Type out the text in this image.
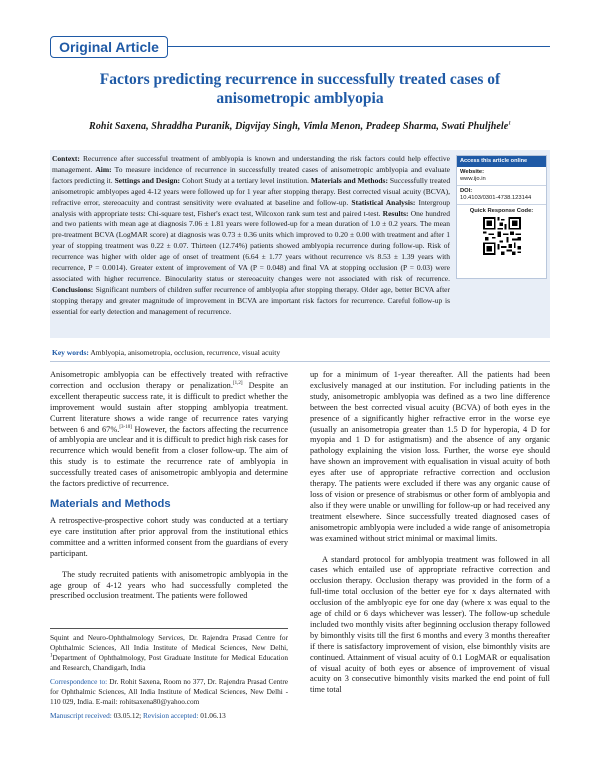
Original Article
Factors predicting recurrence in successfully treated cases of
anisometropic amblyopia
Rohit Saxena, Shraddha Puranik, Digvijay Singh, Vimla Menon, Pradeep Sharma, Swati Phuljhele$^1$
Context: Recurrence after successful treatment of amblyopia is known and understanding the risk factors could help effective management. Aim: To measure incidence of recurrence in successfully treated cases of anisometropic amblyopia and evaluate factors predicting it. Settings and Design: Cohort Study at a tertiary level institution. Materials and Methods: Successfully treated anisometropic amblyopes aged 4-12 years were followed up for 1 year after stopping therapy. Best corrected visual acuity (BCVA), refractive error, stereoacuity and contrast sensitivity were evaluated at baseline and follow-up. Statistical Analysis: Intergroup analysis with appropriate tests: Chi-square test, Fisher's exact test, Wilcoxon rank sum test and paired t-test. Results: One hundred and two patients with mean age at diagnosis 7.06 ± 1.81 years were followed-up for a mean duration of 1.0 ± 0.2 years. The mean pre-treatment BCVA (LogMAR score) at diagnosis was 0.73 ± 0.36 units which improved to 0.20 ± 0.00 with treatment and after 1 year of stopping treatment was 0.22 ± 0.07. Thirteen (12.74%) patients showed amblyopia recurrence during follow-up. Risk of recurrence was higher with older age of onset of treatment (6.64 ± 1.77 years without recurrence v/s 8.53 ± 1.39 years with recurrence, P = 0.0014). Greater extent of improvement of VA (P = 0.048) and final VA at stopping occlusion (P = 0.03) were associated with higher recurrence. Binocularity status or stereoacuity changes were not associated with risk of recurrence. Conclusions: Significant numbers of children suffer recurrence of amblyopia after stopping therapy. Older age, better BCVA after stopping therapy and greater magnitude of improvement in BCVA are important risk factors for recurrence. Careful follow-up is essential for early detection and management of recurrence.
Access this article online
Website:
www.ijo.in
DOI:
10.4103/0301-4738.123144
Quick Response Code:
Key words: Amblyopia, anisometropia, occlusion, recurrence, visual acuity

Anisometropic amblyopia can be effectively treated with refractive correction and occlusion therapy or penalization.[1,2] Despite an excellent therapeutic success rate, it is difficult to predict whether the improvement would sustain after stopping amblyopia treatment. Current literature shows a wide range of recurrence rates varying between 6 and 67%.[3-10] However, the factors affecting the recurrence of amblyopia are unclear and it is difficult to predict high risk cases for recurrence which would benefit from a closer follow-up. The aim of this study is to estimate the recurrence rate of amblyopia in successfully treated cases of anisometropic amblyopia and determine the factors predictive of recurrence.

Materials and Methods

A retrospective-prospective cohort study was conducted at a tertiary eye care institution after prior approval from the institutional ethics committee and a written informed consent from the guardians of every participant.

The study recruited patients with anisometropic amblyopia in the age group of 4-12 years who had successfully completed the prescribed occlusion treatment. The patients were followed

Squint and Neuro-Ophthalmology Services, Dr. Rajendra Prasad Centre for Ophthalmic Sciences, All India Institute of Medical Sciences, New Delhi, $^1$Department of Ophthalmology, Post Graduate Institute for Medical Education and Research, Chandigarh, India

Correspondence to: Dr. Rohit Saxena, Room no 377, Dr. Rajendra Prasad Centre for Ophthalmic Sciences, All India Institute of Medical Sciences, New Delhi - 110 029, India. E-mail: rohitsaxena80@yahoo.com

Manuscript received: 03.05.12; Revision accepted: 01.06.13

up for a minimum of 1-year thereafter. All the patients had been exclusively managed at our institution. For including patients in the study, anisometropic amblyopia was defined as a two line difference between the best corrected visual acuity (BCVA) of both eyes in the presence of a significantly higher refractive error in the worse eye (usually an anisometropia greater than 1.5 D for hyperopia, 4 D for myopia and 1 D for astigmatism) and the absence of any organic pathology explaining the vision loss. Further, the worse eye should have shown an improvement with equalisation in visual acuity of both eyes after use of appropriate refractive correction and occlusion therapy. The patients were excluded if there was any organic cause of loss of vision or presence of strabismus or other form of amblyopia and also if they were unable or unwilling for follow-up or had received any treatment elsewhere. Since successfully treated diagnosed cases of anisometropic amblyopia were included a wide range of anisometropia was examined without strict minimal or maximal limits.

A standard protocol for amblyopia treatment was followed in all cases which entailed use of appropriate refractive correction and occlusion therapy. Occlusion therapy was provided in the form of a full-time total occlusion of the better eye for x days alternated with occlusion of the amblyopic eye for one day (where x was equal to the age of child or 6 days whichever was lesser). The follow-up schedule included two monthly visits after beginning occlusion therapy followed by bimonthly visits till the first 6 months and every 3 months thereafter if there is satisfactory improvement of vision, else bimonthly visits are continued. Attainment of visual acuity of 0.1 LogMAR or equalisation of visual acuity of both eyes or absence of improvement of visual acuity on 3 consecutive bimonthly visits marked the end point of full time total
